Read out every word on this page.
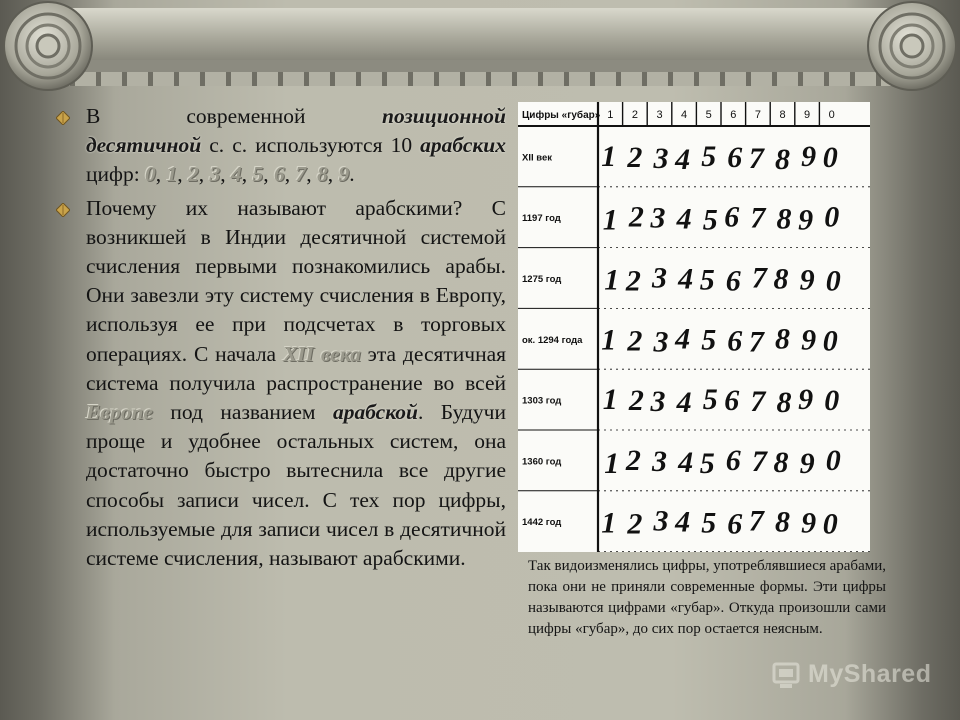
В	современной	позиционной десятичной с. с. используются 10 арабских цифр: 0, 1, 2, 3, 4, 5, 6, 7, 8, 9.
Почему их называют арабскими? С возникшей в Индии десятичной системой счисления первыми познакомились арабы. Они завезли эту систему счисления в Европу, используя ее при подсчетах в торговых операциях. С начала XII века эта десятичная система получила распространение во всей Европе под названием арабской. Будучи проще и удобнее остальных систем, она достаточно быстро вытеснила все другие способы записи чисел. С тех пор цифры, используемые для записи чисел в десятичной системе счисления, называют арабскими.
1 2 3 4 5 6 7 8 9 0
Цифры «губар»
XII век
1197 год
1275 год
ок. 1294 года
1303 год
1360 год
1442 год
1 2 3 4 5 6 7 8 9 0
1 2 3 4 5 6 7 8 9 0
1 2 3 4 5 6 7 8 9 0
1 2 3 4 5 6 7 8 9 0
1 2 3 4 5 6 7 8 9 0
1 2 3 4 5 6 7 8 9 0
1 2 3 4 5 6 7 8 9 0
Так видоизменялись цифры, употреблявшиеся арабами, пока они не приняли современные формы. Эти цифры называются цифрами «губар». Откуда произошли сами цифры «губар», до сих пор остается неясным.
MyShared
